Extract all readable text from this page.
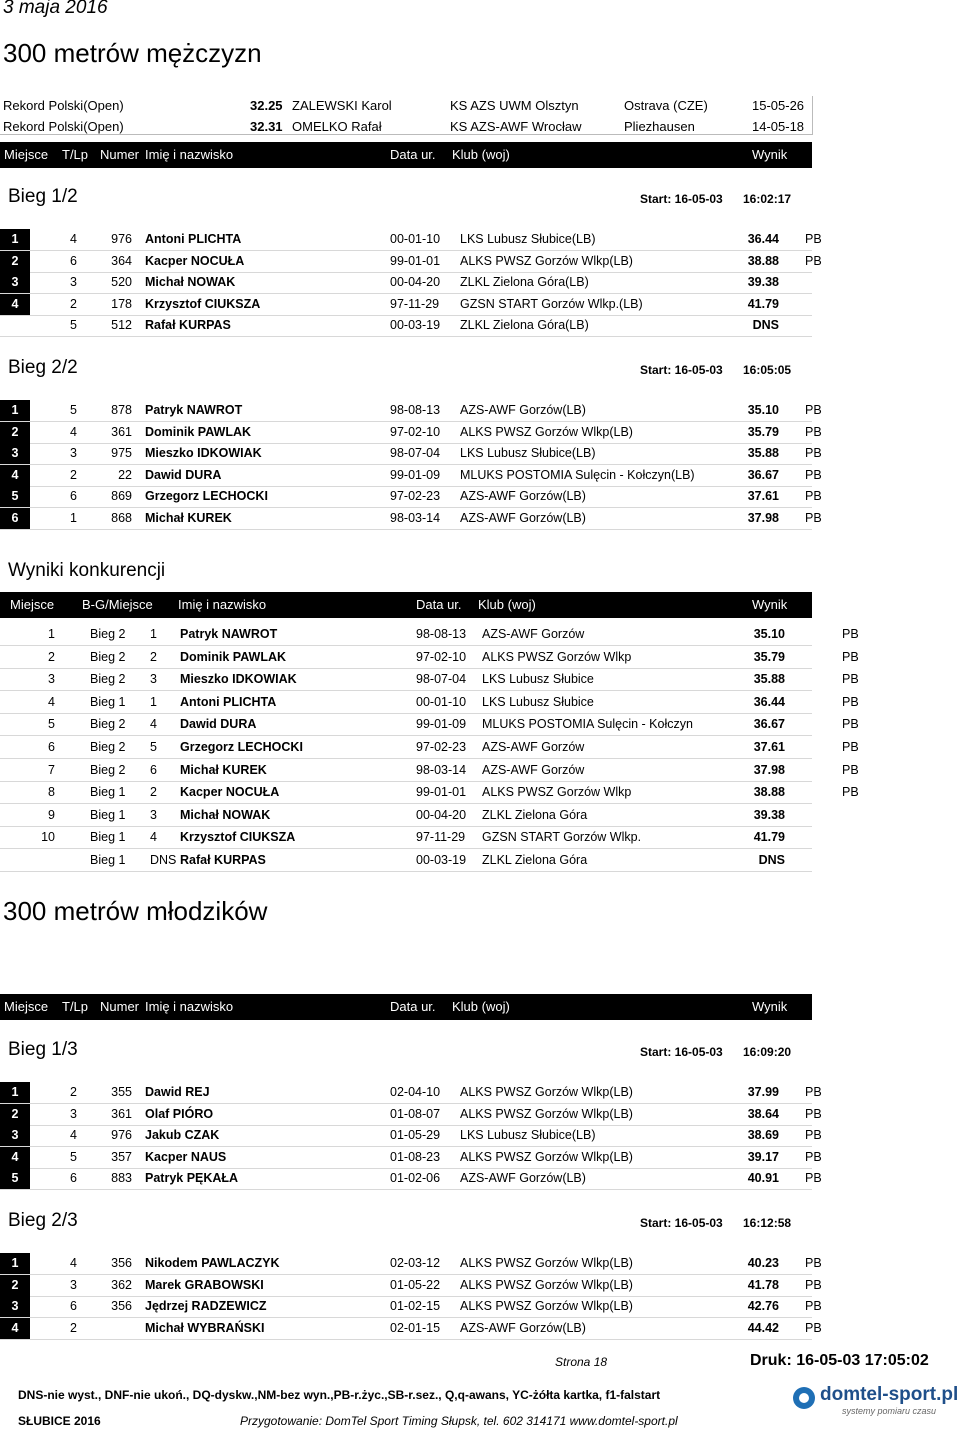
3 maja 2016
300 metrów mężczyzn
Rekord Polski(Open)	32.25 ZALEWSKI Karol	KS AZS UWM Olsztyn	Ostrava (CZE)	15-05-26
Rekord Polski(Open)	32.31 OMELKO Rafał	KS AZS-AWF Wrocław	Pliezhausen	14-05-18
Miejsce T/Lp Numer Imię i nazwisko	Data ur. Klub (woj)	Wynik
Bieg 1/2	Start: 16-05-03 16:02:17
1	4	976 Antoni PLICHTA	00-01-10 LKS Lubusz Słubice(LB)	36.44 PB
2	6	364 Kacper NOCUŁA	99-01-01 ALKS PWSZ Gorzów Wlkp(LB)	38.88 PB
3	3	520 Michał NOWAK	00-04-20 ZLKL Zielona Góra(LB)	39.38
4	2	178 Krzysztof CIUKSZA	97-11-29 GZSN START Gorzów Wlkp.(LB)	41.79
5	512 Rafał KURPAS	00-03-19 ZLKL Zielona Góra(LB)	DNS
Bieg 2/2	Start: 16-05-03 16:05:05
1	5	878 Patryk NAWROT	98-08-13 AZS-AWF Gorzów(LB)	35.10 PB
2	4	361 Dominik PAWLAK	97-02-10 ALKS PWSZ Gorzów Wlkp(LB)	35.79 PB
3	3	975 Mieszko IDKOWIAK	98-07-04 LKS Lubusz Słubice(LB)	35.88 PB
4	2	22 Dawid DURA	99-01-09 MLUKS POSTOMIA Sulęcin - Kołczyn(LB)	36.67 PB
5	6	869 Grzegorz LECHOCKI	97-02-23 AZS-AWF Gorzów(LB)	37.61 PB
6	1	868 Michał KUREK	98-03-14 AZS-AWF Gorzów(LB)	37.98 PB
Wyniki konkurencji
Miejsce B-G/Miejsce Imię i nazwisko	Data ur. Klub (woj)	Wynik
1	Bieg 2 1 Patryk NAWROT	98-08-13 AZS-AWF Gorzów	35.10	PB
2	Bieg 2 2 Dominik PAWLAK	97-02-10 ALKS PWSZ Gorzów Wlkp	35.79	PB
3	Bieg 2 3 Mieszko IDKOWIAK	98-07-04 LKS Lubusz Słubice	35.88	PB
4	Bieg 1 1 Antoni PLICHTA	00-01-10 LKS Lubusz Słubice	36.44	PB
5	Bieg 2 4 Dawid DURA	99-01-09 MLUKS POSTOMIA Sulęcin - Kołczyn	36.67	PB
6	Bieg 2 5 Grzegorz LECHOCKI	97-02-23 AZS-AWF Gorzów	37.61	PB
7	Bieg 2 6 Michał KUREK	98-03-14 AZS-AWF Gorzów	37.98	PB
8	Bieg 1 2 Kacper NOCUŁA	99-01-01 ALKS PWSZ Gorzów Wlkp	38.88	PB
9	Bieg 1 3 Michał NOWAK	00-04-20 ZLKL Zielona Góra	39.38
10	Bieg 1 4 Krzysztof CIUKSZA	97-11-29 GZSN START Gorzów Wlkp.	41.79
Bieg 1 DNS Rafał KURPAS	00-03-19 ZLKL Zielona Góra	DNS
300 metrów młodzików
Miejsce T/Lp Numer Imię i nazwisko	Data ur. Klub (woj)	Wynik
Bieg 1/3	Start: 16-05-03 16:09:20
1	2	355 Dawid REJ	02-04-10 ALKS PWSZ Gorzów Wlkp(LB)	37.99 PB
2	3	361 Olaf PIÓRO	01-08-07 ALKS PWSZ Gorzów Wlkp(LB)	38.64 PB
3	4	976 Jakub CZAK	01-05-29 LKS Lubusz Słubice(LB)	38.69 PB
4	5	357 Kacper NAUS	01-08-23 ALKS PWSZ Gorzów Wlkp(LB)	39.17 PB
5	6	883 Patryk PĘKAŁA	01-02-06 AZS-AWF Gorzów(LB)	40.91 PB
Bieg 2/3	Start: 16-05-03 16:12:58
1	4	356 Nikodem PAWLACZYK	02-03-12 ALKS PWSZ Gorzów Wlkp(LB)	40.23 PB
2	3	362 Marek GRABOWSKI	01-05-22 ALKS PWSZ Gorzów Wlkp(LB)	41.78 PB
3	6	356 Jędrzej RADZEWICZ	01-02-15 ALKS PWSZ Gorzów Wlkp(LB)	42.76 PB
4	2	Michał WYBRAŃSKI	02-01-15 AZS-AWF Gorzów(LB)	44.42 PB
Strona 18	Druk: 16-05-03 17:05:02
DNS-nie wyst., DNF-nie ukoń., DQ-dyskw.,NM-bez wyn.,PB-r.życ.,SB-r.sez., Q,q-awans, YC-żółta kartka, f1-falstart
SŁUBICE 2016	Przygotowanie: DomTel Sport Timing Słupsk, tel. 602 314171 www.domtel-sport.pl
domtel-sport.pl
systemy pomiaru czasu
